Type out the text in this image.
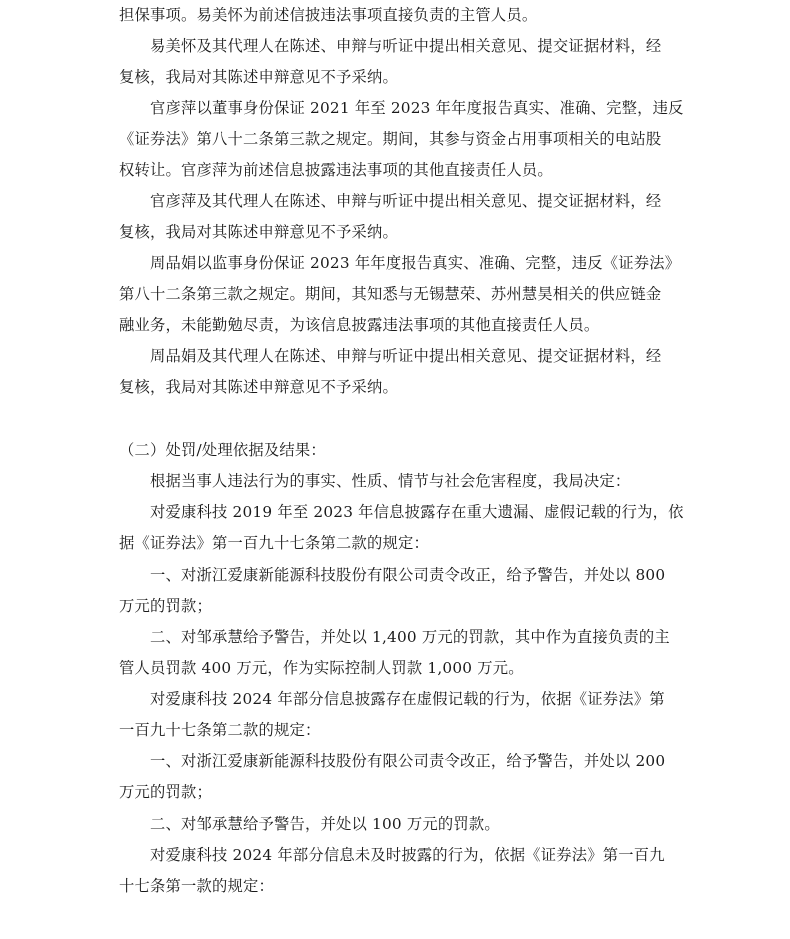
担保事项。易美怀为前述信披违法事项直接负责的主管人员。
易美怀及其代理人在陈述、申辩与听证中提出相关意见、提交证据材料，经
复核，我局对其陈述申辩意见不予采纳。
官彦萍以董事身份保证 2021 年至 2023 年年度报告真实、准确、完整，违反
《证券法》第八十二条第三款之规定。期间，其参与资金占用事项相关的电站股
权转让。官彦萍为前述信息披露违法事项的其他直接责任人员。
官彦萍及其代理人在陈述、申辩与听证中提出相关意见、提交证据材料，经
复核，我局对其陈述申辩意见不予采纳。
周品娟以监事身份保证 2023 年年度报告真实、准确、完整，违反《证券法》
第八十二条第三款之规定。期间，其知悉与无锡慧荣、苏州慧昊相关的供应链金
融业务，未能勤勉尽责，为该信息披露违法事项的其他直接责任人员。
周品娟及其代理人在陈述、申辩与听证中提出相关意见、提交证据材料，经
复核，我局对其陈述申辩意见不予采纳。
（二）处罚/处理依据及结果：
根据当事人违法行为的事实、性质、情节与社会危害程度，我局决定：
对爱康科技 2019 年至 2023 年信息披露存在重大遗漏、虚假记载的行为，依
据《证券法》第一百九十七条第二款的规定：
一、对浙江爱康新能源科技股份有限公司责令改正，给予警告，并处以 800
万元的罚款；
二、对邹承慧给予警告，并处以 1,400 万元的罚款，其中作为直接负责的主
管人员罚款 400 万元，作为实际控制人罚款 1,000 万元。
对爱康科技 2024 年部分信息披露存在虚假记载的行为，依据《证券法》第
一百九十七条第二款的规定：
一、对浙江爱康新能源科技股份有限公司责令改正，给予警告，并处以 200
万元的罚款；
二、对邹承慧给予警告，并处以 100 万元的罚款。
对爱康科技 2024 年部分信息未及时披露的行为，依据《证券法》第一百九
十七条第一款的规定：
